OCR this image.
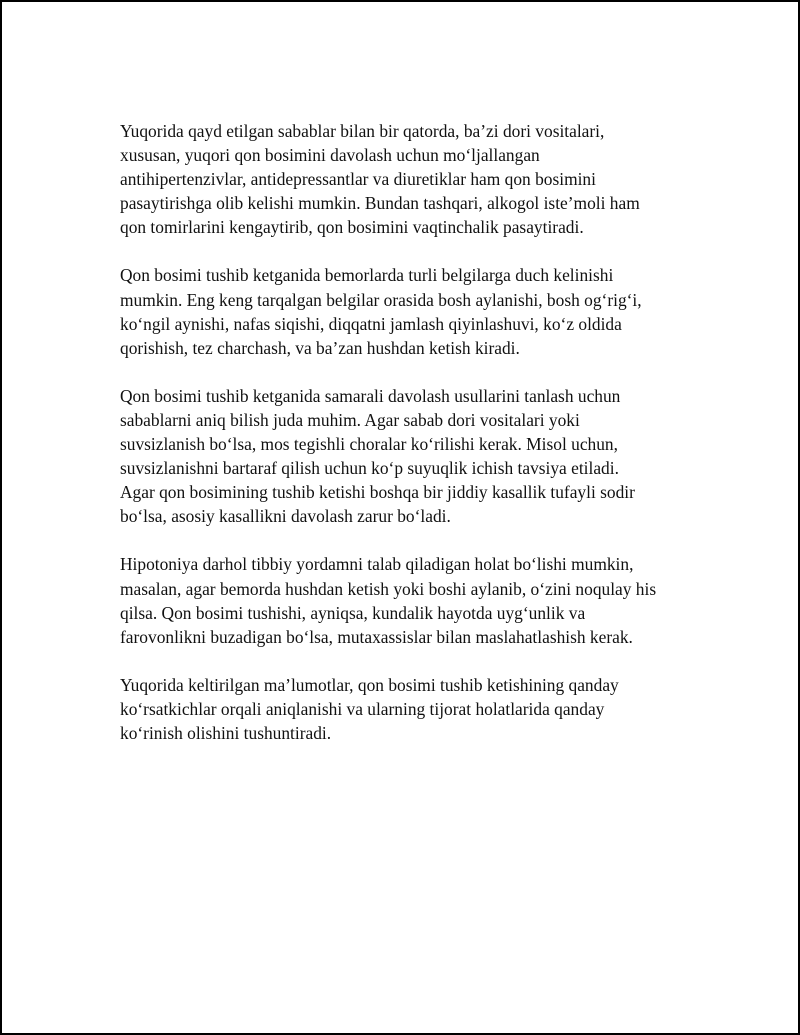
Yuqorida qayd etilgan sabablar bilan bir qatorda, ba’zi dori vositalari,
xususan, yuqori qon bosimini davolash uchun mo‘ljallangan
antihipertenzivlar, antidepressantlar va diuretiklar ham qon bosimini
pasaytirishga olib kelishi mumkin. Bundan tashqari, alkogol iste’moli ham
qon tomirlarini kengaytirib, qon bosimini vaqtinchalik pasaytiradi.

Qon bosimi tushib ketganida bemorlarda turli belgilarga duch kelinishi
mumkin. Eng keng tarqalgan belgilar orasida bosh aylanishi, bosh og‘rig‘i,
ko‘ngil aynishi, nafas siqishi, diqqatni jamlash qiyinlashuvi, ko‘z oldida
qorishish, tez charchash, va ba’zan hushdan ketish kiradi.

Qon bosimi tushib ketganida samarali davolash usullarini tanlash uchun
sabablarni aniq bilish juda muhim. Agar sabab dori vositalari yoki
suvsizlanish bo‘lsa, mos tegishli choralar ko‘rilishi kerak. Misol uchun,
suvsizlanishni bartaraf qilish uchun ko‘p suyuqlik ichish tavsiya etiladi.
Agar qon bosimining tushib ketishi boshqa bir jiddiy kasallik tufayli sodir
bo‘lsa, asosiy kasallikni davolash zarur bo‘ladi.

Hipotoniya darhol tibbiy yordamni talab qiladigan holat bo‘lishi mumkin,
masalan, agar bemorda hushdan ketish yoki boshi aylanib, o‘zini noqulay his
qilsa. Qon bosimi tushishi, ayniqsa, kundalik hayotda uyg‘unlik va
farovonlikni buzadigan bo‘lsa, mutaxassislar bilan maslahatlashish kerak.

Yuqorida keltirilgan ma’lumotlar, qon bosimi tushib ketishining qanday
ko‘rsatkichlar orqali aniqlanishi va ularning tijorat holatlarida qanday
ko‘rinish olishini tushuntiradi.
